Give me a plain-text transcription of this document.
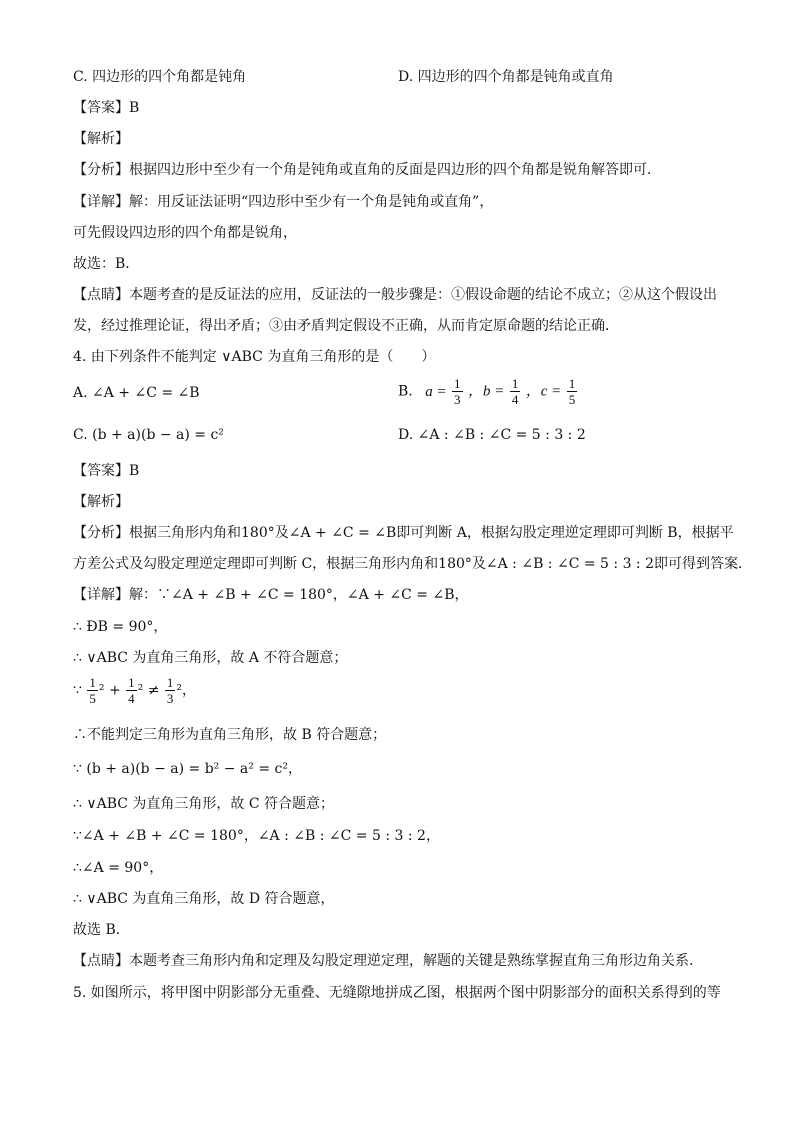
C. 四边形的四个角都是钝角	D. 四边形的四个角都是钝角或直角
【答案】B
【解析】
【分析】根据四边形中至少有一个角是钝角或直角的反面是四边形的四个角都是锐角解答即可．
【详解】解：用反证法证明“四边形中至少有一个角是钝角或直角”，
可先假设四边形的四个角都是锐角，
故选：B．
【点睛】本题考查的是反证法的应用，反证法的一般步骤是：①假设命题的结论不成立；②从这个假设出
发，经过推理论证，得出矛盾；③由矛盾判定假设不正确，从而肯定原命题的结论正确．
4. 由下列条件不能判定 ∨ABC 为直角三角形的是（　　）
A. ∠A + ∠C = ∠B	B. $a = \frac{1}{3}$ ，$b = \frac{1}{4}$ ，$c = \frac{1}{5}$
C. (b + a)(b − a) = c²	D. ∠A : ∠B : ∠C = 5 : 3 : 2
【答案】B
【解析】
【分析】根据三角形内角和180°及∠A + ∠C = ∠B即可判断 A，根据勾股定理逆定理即可判断 B，根据平
方差公式及勾股定理逆定理即可判断 C，根据三角形内角和180°及∠A : ∠B : ∠C = 5 : 3 : 2即可得到答案．
【详解】解：∵∠A + ∠B + ∠C = 180°，∠A + ∠C = ∠B，
∴ ÐB = 90°，
∴ ∨ABC 为直角三角形，故 A 不符合题意；
∵ $\frac{1}{5} ^2 + \frac{1}{4} ^2 \ne \frac{1}{3} ^2$，
∴不能判定三角形为直角三角形，故 B 符合题意；
∵ (b + a)(b − a) = b² − a² = c²，
∴ ∨ABC 为直角三角形，故 C 符合题意；
∵∠A + ∠B + ∠C = 180°，∠A : ∠B : ∠C = 5 : 3 : 2，
∴∠A = 90°，
∴ ∨ABC 为直角三角形，故 D 符合题意，
故选 B．
【点睛】本题考查三角形内角和定理及勾股定理逆定理，解题的关键是熟练掌握直角三角形边角关系．
5. 如图所示，将甲图中阴影部分无重叠、无缝隙地拼成乙图，根据两个图中阴影部分的面积关系得到的等
